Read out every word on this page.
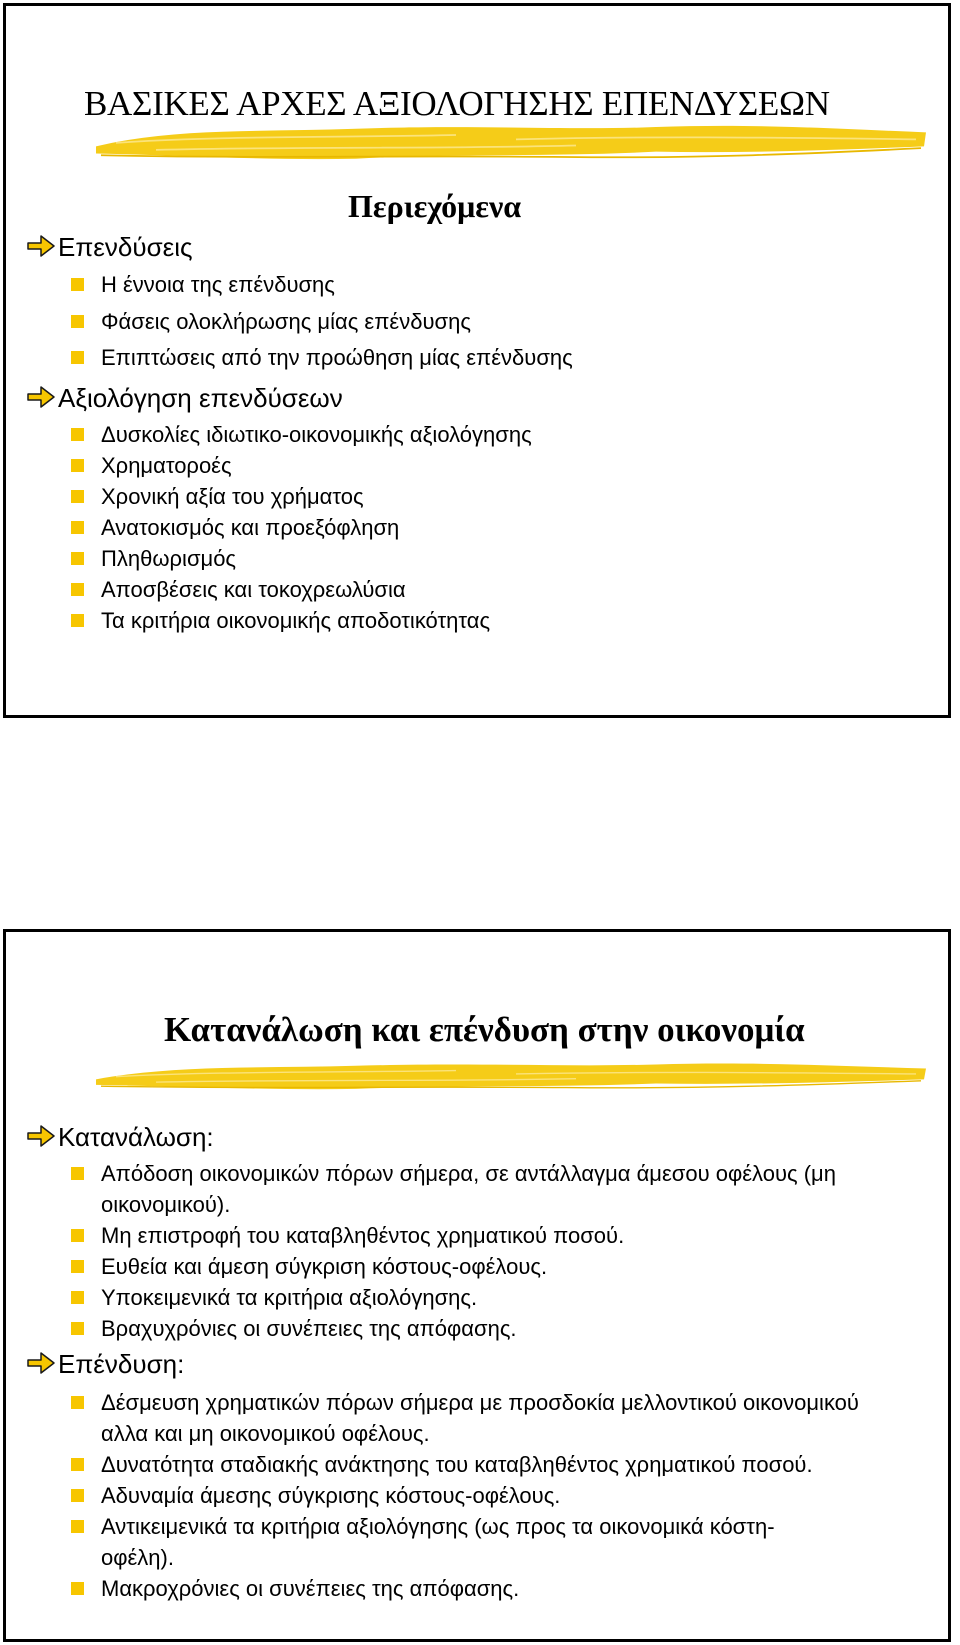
ΒΑΣΙΚΕΣ ΑΡΧΕΣ ΑΞΙΟΛΟΓΗΣΗΣ ΕΠΕΝΔΥΣΕΩΝ
Περιεχόμενα
Επενδύσεις
Η έννοια της επένδυσης
Φάσεις ολοκλήρωσης μίας επένδυσης
Επιπτώσεις από την προώθηση μίας επένδυσης
Αξιολόγηση επενδύσεων
Δυσκολίες ιδιωτικο-οικονομικής αξιολόγησης
Χρηματοροές
Χρονική αξία του χρήματος
Ανατοκισμός και προεξόφληση
Πληθωρισμός
Αποσβέσεις και τοκοχρεωλύσια
Τα κριτήρια οικονομικής αποδοτικότητας
Κατανάλωση και επένδυση στην οικονομία
Κατανάλωση:
Απόδοση οικονομικών πόρων σήμερα, σε αντάλλαγμα άμεσου οφέλους (μη οικονομικού).
Μη επιστροφή του καταβληθέντος χρηματικού ποσού.
Ευθεία και άμεση σύγκριση κόστους-οφέλους.
Υποκειμενικά τα κριτήρια αξιολόγησης.
Βραχυχρόνιες οι συνέπειες της απόφασης.
Επένδυση:
Δέσμευση χρηματικών πόρων σήμερα με προσδοκία μελλοντικού οικονομικού αλλα και μη οικονομικού οφέλους.
Δυνατότητα σταδιακής ανάκτησης του καταβληθέντος χρηματικού ποσού.
Αδυναμία άμεσης σύγκρισης κόστους-οφέλους.
Αντικειμενικά τα κριτήρια αξιολόγησης (ως προς τα οικονομικά κόστη-οφέλη).
Μακροχρόνιες οι συνέπειες της απόφασης.
